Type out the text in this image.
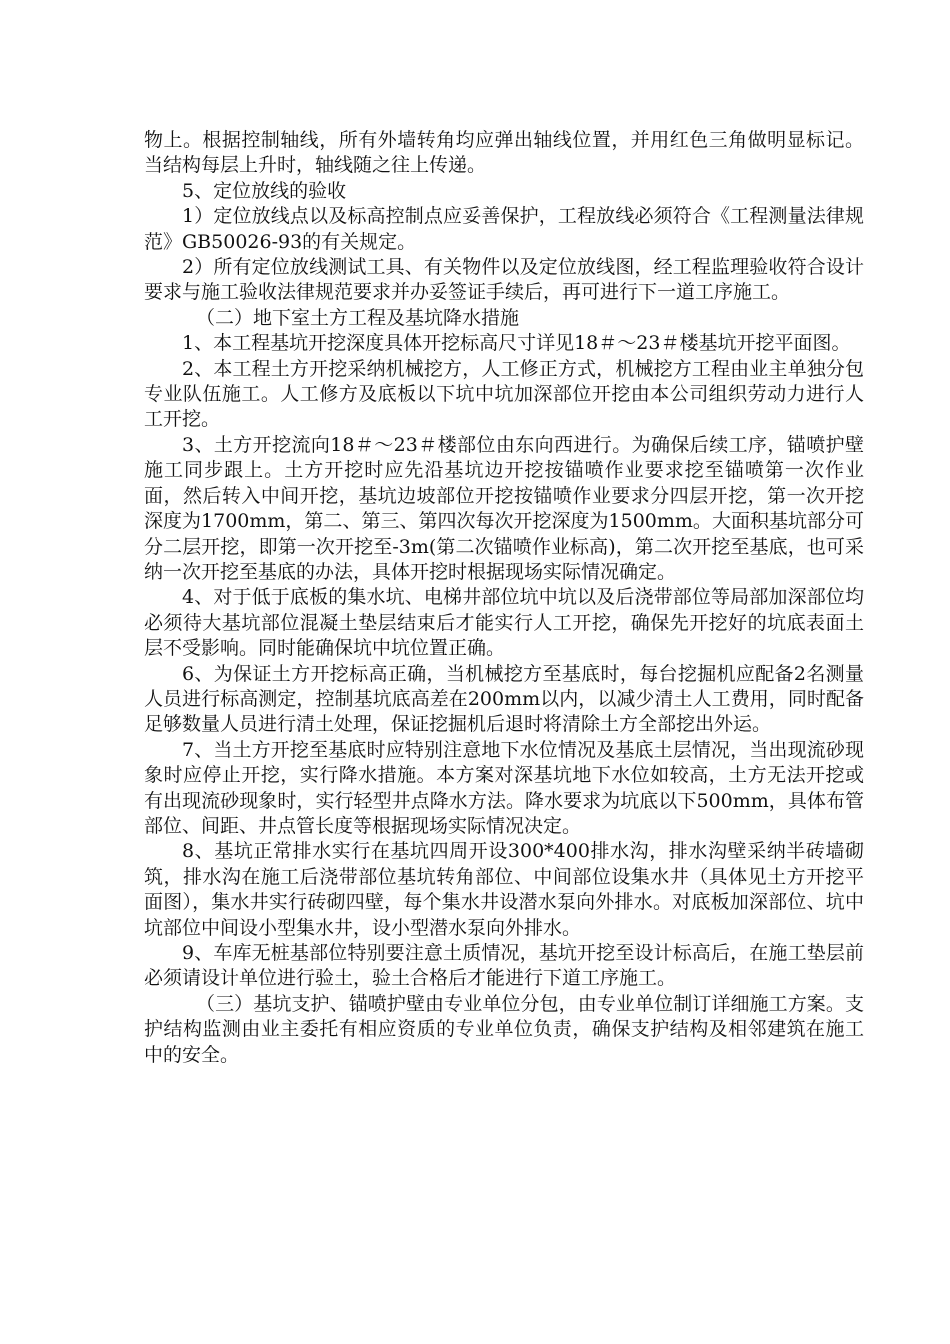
物上。根据控制轴线，所有外墙转角均应弹出轴线位置，并用红色三角做明显标记。当结构每层上升时，轴线随之往上传递。

5、定位放线的验收

1）定位放线点以及标高控制点应妥善保护，工程放线必须符合《工程测量法律规范》GB50026-93的有关规定。

2）所有定位放线测试工具、有关物件以及定位放线图，经工程监理验收符合设计要求与施工验收法律规范要求并办妥签证手续后，再可进行下一道工序施工。

（二）地下室土方工程及基坑降水措施

1、本工程基坑开挖深度具体开挖标高尺寸详见18＃～23＃楼基坑开挖平面图。

2、本工程土方开挖采纳机械挖方，人工修正方式，机械挖方工程由业主单独分包专业队伍施工。人工修方及底板以下坑中坑加深部位开挖由本公司组织劳动力进行人工开挖。

3、土方开挖流向18＃～23＃楼部位由东向西进行。为确保后续工序，锚喷护壁施工同步跟上。土方开挖时应先沿基坑边开挖按锚喷作业要求挖至锚喷第一次作业面，然后转入中间开挖，基坑边坡部位开挖按锚喷作业要求分四层开挖，第一次开挖深度为1700mm，第二、第三、第四次每次开挖深度为1500mm。大面积基坑部分可分二层开挖，即第一次开挖至-3m(第二次锚喷作业标高)，第二次开挖至基底，也可采纳一次开挖至基底的办法，具体开挖时根据现场实际情况确定。

4、对于低于底板的集水坑、电梯井部位坑中坑以及后浇带部位等局部加深部位均必须待大基坑部位混凝土垫层结束后才能实行人工开挖，确保先开挖好的坑底表面土层不受影响。同时能确保坑中坑位置正确。

6、为保证土方开挖标高正确，当机械挖方至基底时，每台挖掘机应配备2名测量人员进行标高测定，控制基坑底高差在200mm以内，以减少清土人工费用，同时配备足够数量人员进行清土处理，保证挖掘机后退时将清除土方全部挖出外运。

7、当土方开挖至基底时应特别注意地下水位情况及基底土层情况，当出现流砂现象时应停止开挖，实行降水措施。本方案对深基坑地下水位如较高，土方无法开挖或有出现流砂现象时，实行轻型井点降水方法。降水要求为坑底以下500mm，具体布管部位、间距、井点管长度等根据现场实际情况决定。

8、基坑正常排水实行在基坑四周开设300*400排水沟，排水沟壁采纳半砖墙砌筑，排水沟在施工后浇带部位基坑转角部位、中间部位设集水井（具体见土方开挖平面图），集水井实行砖砌四壁，每个集水井设潜水泵向外排水。对底板加深部位、坑中坑部位中间设小型集水井，设小型潜水泵向外排水。

9、车库无桩基部位特别要注意土质情况，基坑开挖至设计标高后，在施工垫层前必须请设计单位进行验土，验土合格后才能进行下道工序施工。

（三）基坑支护、锚喷护壁由专业单位分包，由专业单位制订详细施工方案。支护结构监测由业主委托有相应资质的专业单位负责，确保支护结构及相邻建筑在施工中的安全。
